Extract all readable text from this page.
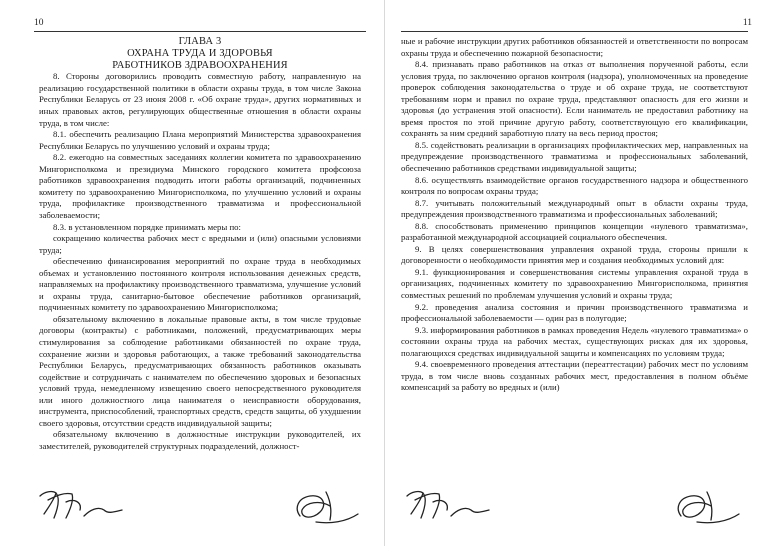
10
ГЛАВА 3
ОХРАНА ТРУДА И ЗДОРОВЬЯ
РАБОТНИКОВ ЗДРАВООХРАНЕНИЯ

8. Стороны договорились проводить совместную работу, направленную на реализацию государственной политики в области охраны труда, в том числе Закона Республики Беларусь от 23 июня 2008 г. «Об охране труда», других нормативных и иных правовых актов, регулирующих общественные отношения в области охраны труда, в том числе:

8.1. обеспечить реализацию Плана мероприятий Министерства здравоохранения Республики Беларусь по улучшению условий и охраны труда;

8.2. ежегодно на совместных заседаниях коллегии комитета по здравоохранению Мингорисполкома и президиума Минского городского комитета профсоюза работников здравоохранения подводить итоги работы организаций, подчиненных комитету по здравоохранению Мингорисполкома, по улучшению условий и охраны труда, профилактике производственного травматизма и профессиональной заболеваемости;

8.3. в установленном порядке принимать меры по:

сокращению количества рабочих мест с вредными и (или) опасными условиями труда;

обеспечению финансирования мероприятий по охране труда в необходимых объемах и установлению постоянного контроля использования денежных средств, направляемых на профилактику производственного травматизма, улучшение условий и охраны труда, санитарно-бытовое обеспечение работников организаций, подчиненных комитету по здравоохранению Мингорисполкома;

обязательному включению в локальные правовые акты, в том числе трудовые договоры (контракты) с работниками, положений, предусматривающих меры стимулирования за соблюдение работниками обязанностей по охране труда, сохранение жизни и здоровья работающих, а также требований законодательства Республики Беларусь, предусматривающих обязанность работников оказывать содействие и сотрудничать с нанимателем по обеспечению здоровых и безопасных условий труда, немедленному извещению своего непосредственного руководителя или иного должностного лица нанимателя о неисправности оборудования, инструмента, приспособлений, транспортных средств, средств защиты, об ухудшении своего здоровья, отсутствии средств индивидуальной защиты;

обязательному включению в должностные инструкции руководителей, их заместителей, руководителей структурных подразделений, должност-

11

ные и рабочие инструкции других работников обязанностей и ответственности по вопросам охраны труда и обеспечению пожарной безопасности;

8.4. признавать право работников на отказ от выполнения порученной работы, если условия труда, по заключению органов контроля (надзора), уполномоченных на проведение проверок соблюдения законодательства о труде и об охране труда, не соответствуют требованиям норм и правил по охране труда, представляют опасность для его жизни и здоровья (до устранения этой опасности). Если наниматель не предоставил работнику на время простоя по этой причине другую работу, соответствующую его квалификации, сохранять за ним средний заработную плату на весь период простоя;

8.5. содействовать реализации в организациях профилактических мер, направленных на предупреждение производственного травматизма и профессиональных заболеваний, обеспечению работников средствами индивидуальной защиты;

8.6. осуществлять взаимодействие органов государственного надзора и общественного контроля по вопросам охраны труда;

8.7. учитывать положительный международный опыт в области охраны труда, предупреждения производственного травматизма и профессиональных заболеваний;

8.8. способствовать применению принципов концепции «нулевого травматизма», разработанной международной ассоциацией социального обеспечения.

9. В целях совершенствования управления охраной труда, стороны пришли к договоренности о необходимости принятия мер и создания необходимых условий для:

9.1. функционирования и совершенствования системы управления охраной труда в организациях, подчиненных комитету по здравоохранению Мингорисполкома, принятия совместных решений по проблемам улучшения условий и охраны труда;

9.2. проведения анализа состояния и причин производственного травматизма и профессиональной заболеваемости — один раз в полугодие;

9.3. информирования работников в рамках проведения Недель «нулевого травматизма» о состоянии охраны труда на рабочих местах, существующих рисках для их здоровья, полагающихся средствах индивидуальной защиты и компенсациях по условиям труда;

9.4. своевременного проведения аттестации (переаттестации) рабочих мест по условиям труда, в том числе вновь созданных рабочих мест, предоставления в полном объёме компенсаций за работу во вредных и (или)
